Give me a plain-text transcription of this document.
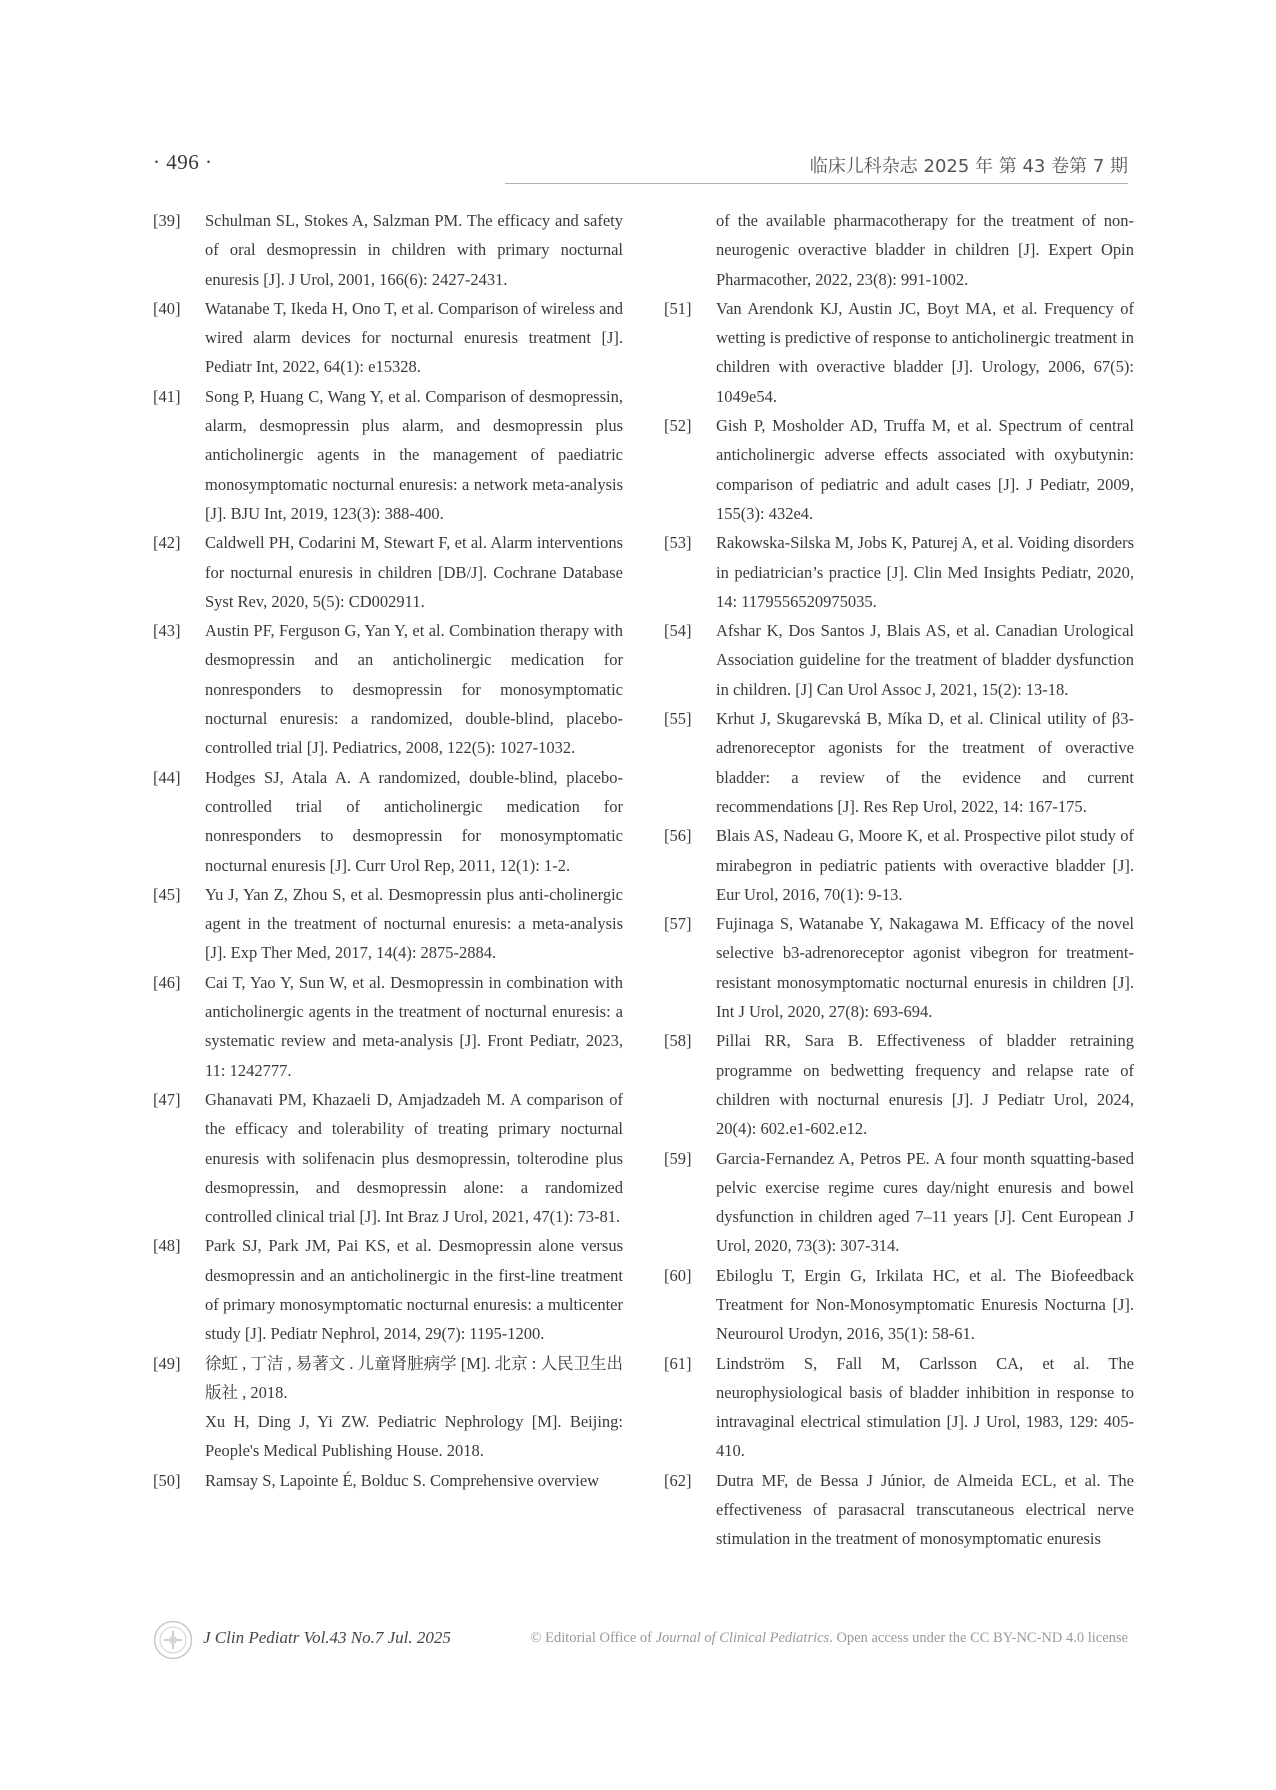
· 496 ·	临床儿科杂志 2025 年 第 43 卷第 7 期
[39] Schulman SL, Stokes A, Salzman PM. The efficacy and safety of oral desmopressin in children with primary nocturnal enuresis [J]. J Urol, 2001, 166(6): 2427-2431.
[40] Watanabe T, Ikeda H, Ono T, et al. Comparison of wireless and wired alarm devices for nocturnal enuresis treatment [J]. Pediatr Int, 2022, 64(1): e15328.
[41] Song P, Huang C, Wang Y, et al. Comparison of desmopressin, alarm, desmopressin plus alarm, and desmopressin plus anticholinergic agents in the management of paediatric monosymptomatic nocturnal enuresis: a network meta-analysis [J]. BJU Int, 2019, 123(3): 388-400.
[42] Caldwell PH, Codarini M, Stewart F, et al. Alarm interventions for nocturnal enuresis in children [DB/J]. Cochrane Database Syst Rev, 2020, 5(5): CD002911.
[43] Austin PF, Ferguson G, Yan Y, et al. Combination therapy with desmopressin and an anticholinergic medication for nonresponders to desmopressin for monosymptomatic nocturnal enuresis: a randomized, double-blind, placebo-controlled trial [J]. Pediatrics, 2008, 122(5): 1027-1032.
[44] Hodges SJ, Atala A. A randomized, double-blind, placebo-controlled trial of anticholinergic medication for nonresponders to desmopressin for monosymptomatic nocturnal enuresis [J]. Curr Urol Rep, 2011, 12(1): 1-2.
[45] Yu J, Yan Z, Zhou S, et al. Desmopressin plus anti-cholinergic agent in the treatment of nocturnal enuresis: a meta-analysis [J]. Exp Ther Med, 2017, 14(4): 2875-2884.
[46] Cai T, Yao Y, Sun W, et al. Desmopressin in combination with anticholinergic agents in the treatment of nocturnal enuresis: a systematic review and meta-analysis [J]. Front Pediatr, 2023, 11: 1242777.
[47] Ghanavati PM, Khazaeli D, Amjadzadeh M. A comparison of the efficacy and tolerability of treating primary nocturnal enuresis with solifenacin plus desmopressin, tolterodine plus desmopressin, and desmopressin alone: a randomized controlled clinical trial [J]. Int Braz J Urol, 2021, 47(1): 73-81.
[48] Park SJ, Park JM, Pai KS, et al. Desmopressin alone versus desmopressin and an anticholinergic in the first-line treatment of primary monosymptomatic nocturnal enuresis: a multicenter study [J]. Pediatr Nephrol, 2014, 29(7): 1195-1200.
[49] 徐虹 , 丁洁 , 易著文 . 儿童肾脏病学 [M]. 北京 : 人民卫生出版社 , 2018.
Xu H, Ding J, Yi ZW. Pediatric Nephrology [M]. Beijing: People's Medical Publishing House. 2018.
[50] Ramsay S, Lapointe É, Bolduc S. Comprehensive overview
of the available pharmacotherapy for the treatment of non-neurogenic overactive bladder in children [J]. Expert Opin Pharmacother, 2022, 23(8): 991-1002.
[51] Van Arendonk KJ, Austin JC, Boyt MA, et al. Frequency of wetting is predictive of response to anticholinergic treatment in children with overactive bladder [J]. Urology, 2006, 67(5): 1049e54.
[52] Gish P, Mosholder AD, Truffa M, et al. Spectrum of central anticholinergic adverse effects associated with oxybutynin: comparison of pediatric and adult cases [J]. J Pediatr, 2009, 155(3): 432e4.
[53] Rakowska-Silska M, Jobs K, Paturej A, et al. Voiding disorders in pediatrician’s practice [J]. Clin Med Insights Pediatr, 2020, 14: 1179556520975035.
[54] Afshar K, Dos Santos J, Blais AS, et al. Canadian Urological Association guideline for the treatment of bladder dysfunction in children. [J] Can Urol Assoc J, 2021, 15(2): 13-18.
[55] Krhut J, Skugarevská B, Míka D, et al. Clinical utility of β3-adrenoreceptor agonists for the treatment of overactive bladder: a review of the evidence and current recommendations [J]. Res Rep Urol, 2022, 14: 167-175.
[56] Blais AS, Nadeau G, Moore K, et al. Prospective pilot study of mirabegron in pediatric patients with overactive bladder [J]. Eur Urol, 2016, 70(1): 9-13.
[57] Fujinaga S, Watanabe Y, Nakagawa M. Efficacy of the novel selective b3-adrenoreceptor agonist vibegron for treatment-resistant monosymptomatic nocturnal enuresis in children [J]. Int J Urol, 2020, 27(8): 693-694.
[58] Pillai RR, Sara B. Effectiveness of bladder retraining programme on bedwetting frequency and relapse rate of children with nocturnal enuresis [J]. J Pediatr Urol, 2024, 20(4): 602.e1-602.e12.
[59] Garcia-Fernandez A, Petros PE. A four month squatting-based pelvic exercise regime cures day/night enuresis and bowel dysfunction in children aged 7–11 years [J]. Cent European J Urol, 2020, 73(3): 307-314.
[60] Ebiloglu T, Ergin G, Irkilata HC, et al. The Biofeedback Treatment for Non-Monosymptomatic Enuresis Nocturna [J]. Neurourol Urodyn, 2016, 35(1): 58-61.
[61] Lindström S, Fall M, Carlsson CA, et al. The neurophysiological basis of bladder inhibition in response to intravaginal electrical stimulation [J]. J Urol, 1983, 129: 405-410.
[62] Dutra MF, de Bessa J Júnior, de Almeida ECL, et al. The effectiveness of parasacral transcutaneous electrical nerve stimulation in the treatment of monosymptomatic enuresis
J Clin Pediatr Vol.43 No.7 Jul. 2025	© Editorial Office of Journal of Clinical Pediatrics. Open access under the CC BY-NC-ND 4.0 license
